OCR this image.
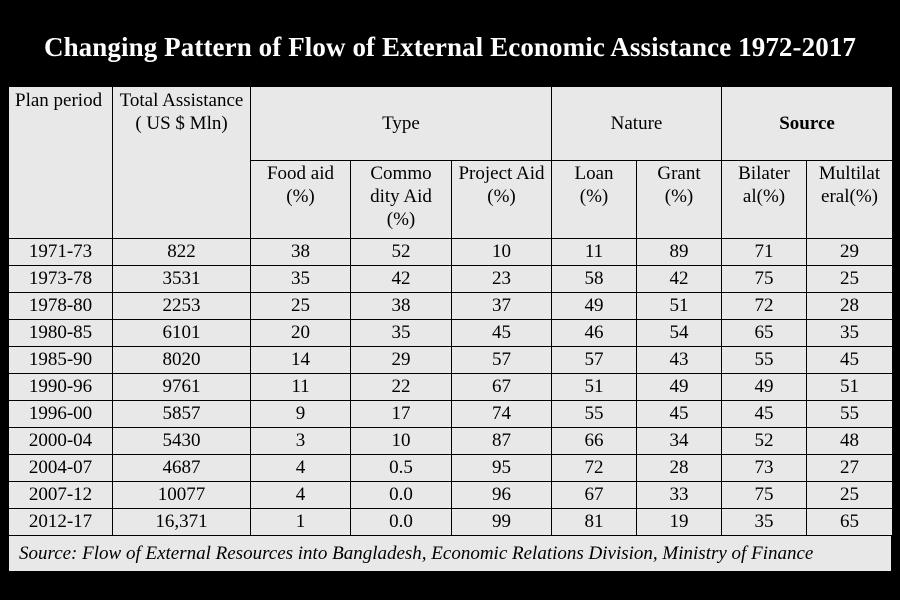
Changing Pattern of Flow of External Economic Assistance 1972-2017
Plan period	Total Assistance ( US $ Mln)	Type			Nature		Source	
		Food aid (%)	Commo dity Aid (%)	Project Aid (%)	Loan (%)	Grant (%)	Bilater al(%)	Multilat eral(%)
1971-73	822	38	52	10	11	89	71	29
1973-78	3531	35	42	23	58	42	75	25
1978-80	2253	25	38	37	49	51	72	28
1980-85	6101	20	35	45	46	54	65	35
1985-90	8020	14	29	57	57	43	55	45
1990-96	9761	11	22	67	51	49	49	51
1996-00	5857	9	17	74	55	45	45	55
2000-04	5430	3	10	87	66	34	52	48
2004-07	4687	4	0.5	95	72	28	73	27
2007-12	10077	4	0.0	96	67	33	75	25
2012-17	16,371	1	0.0	99	81	19	35	65
Source: Flow of External Resources into Bangladesh, Economic Relations Division, Ministry of Finance
